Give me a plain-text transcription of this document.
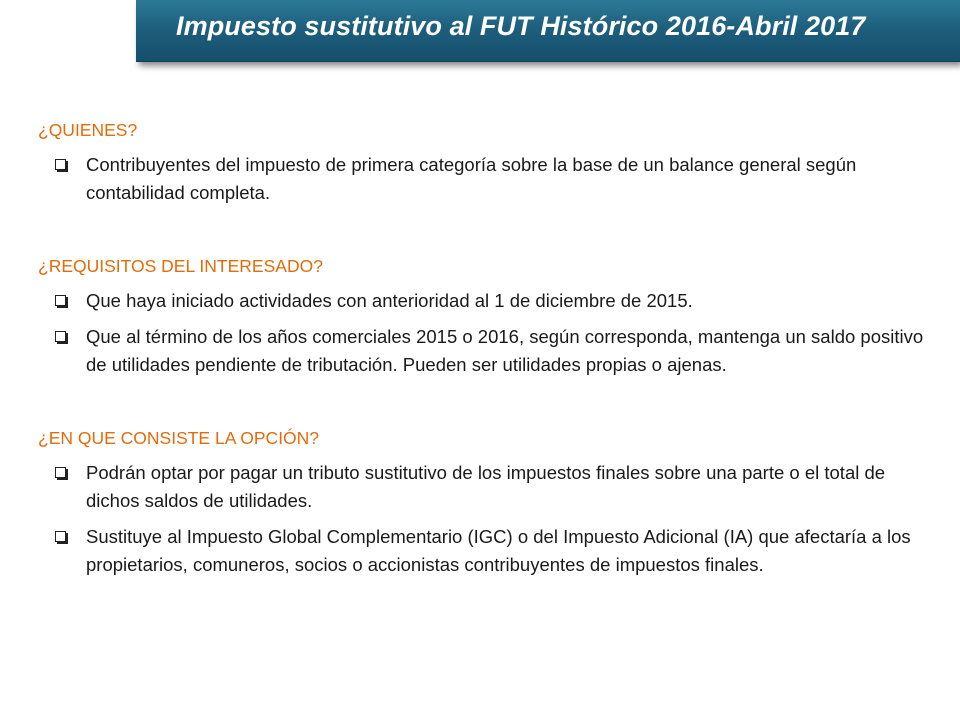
Impuesto sustitutivo al FUT Histórico 2016-Abril 2017

¿QUIENES?

Contribuyentes del impuesto de primera categoría sobre la base de un balance general según contabilidad completa.

¿REQUISITOS DEL INTERESADO?

Que haya iniciado actividades con anterioridad al 1 de diciembre de 2015.
Que al término de los años comerciales 2015 o 2016, según corresponda, mantenga un saldo positivo de utilidades pendiente de tributación. Pueden ser utilidades propias o ajenas.

¿EN QUE CONSISTE LA OPCIÓN?

Podrán optar por pagar un tributo sustitutivo de los impuestos finales sobre una parte o el total de dichos saldos de utilidades.
Sustituye al Impuesto Global Complementario (IGC) o del Impuesto Adicional (IA) que afectaría a los propietarios, comuneros, socios o accionistas contribuyentes de impuestos finales.
